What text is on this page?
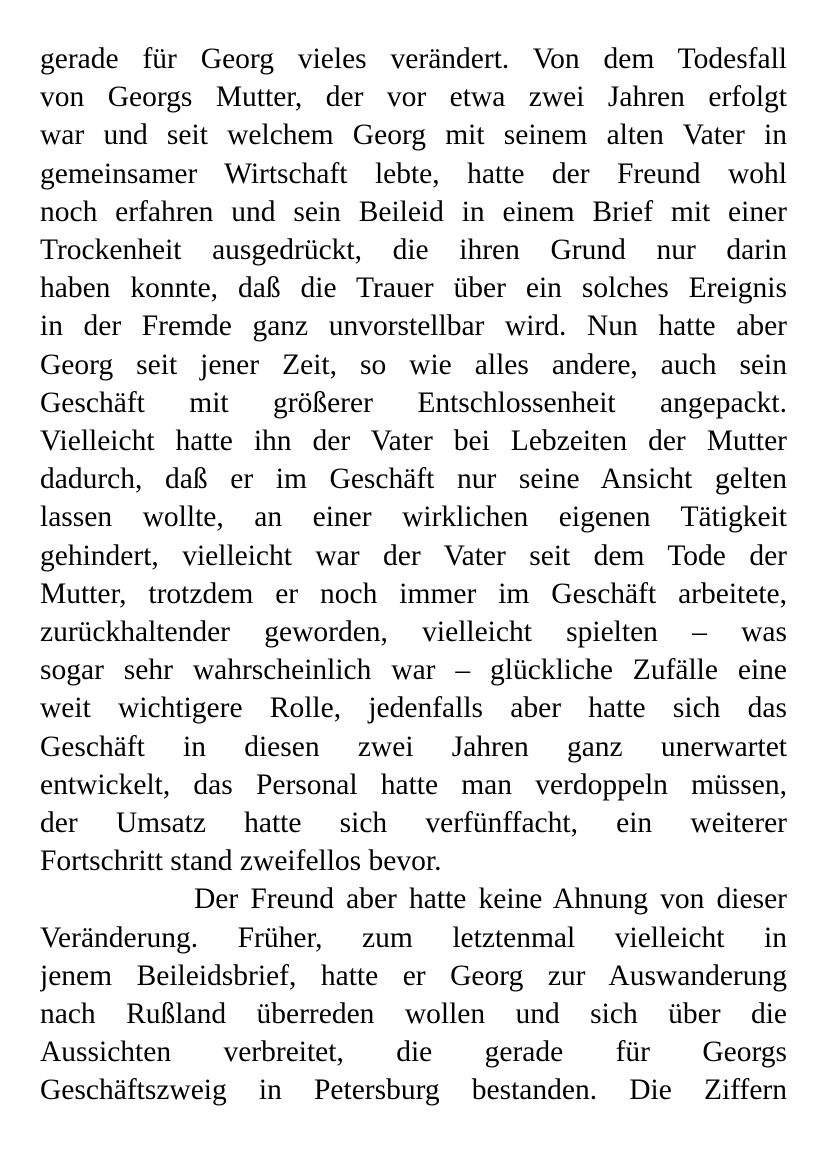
gerade für Georg vieles verändert. Von dem Todesfall
von Georgs Mutter, der vor etwa zwei Jahren erfolgt
war und seit welchem Georg mit seinem alten Vater in
gemeinsamer Wirtschaft lebte, hatte der Freund wohl
noch erfahren und sein Beileid in einem Brief mit einer
Trockenheit ausgedrückt, die ihren Grund nur darin
haben konnte, daß die Trauer über ein solches Ereignis
in der Fremde ganz unvorstellbar wird. Nun hatte aber
Georg seit jener Zeit, so wie alles andere, auch sein
Geschäft mit größerer Entschlossenheit angepackt.
Vielleicht hatte ihn der Vater bei Lebzeiten der Mutter
dadurch, daß er im Geschäft nur seine Ansicht gelten
lassen wollte, an einer wirklichen eigenen Tätigkeit
gehindert, vielleicht war der Vater seit dem Tode der
Mutter, trotzdem er noch immer im Geschäft arbeitete,
zurückhaltender geworden, vielleicht spielten – was
sogar sehr wahrscheinlich war – glückliche Zufälle eine
weit wichtigere Rolle, jedenfalls aber hatte sich das
Geschäft in diesen zwei Jahren ganz unerwartet
entwickelt, das Personal hatte man verdoppeln müssen,
der Umsatz hatte sich verfünffacht, ein weiterer
Fortschritt stand zweifellos bevor.
Der Freund aber hatte keine Ahnung von dieser
Veränderung. Früher, zum letztenmal vielleicht in
jenem Beileidsbrief, hatte er Georg zur Auswanderung
nach Rußland überreden wollen und sich über die
Aussichten verbreitet, die gerade für Georgs
Geschäftszweig in Petersburg bestanden. Die Ziffern
